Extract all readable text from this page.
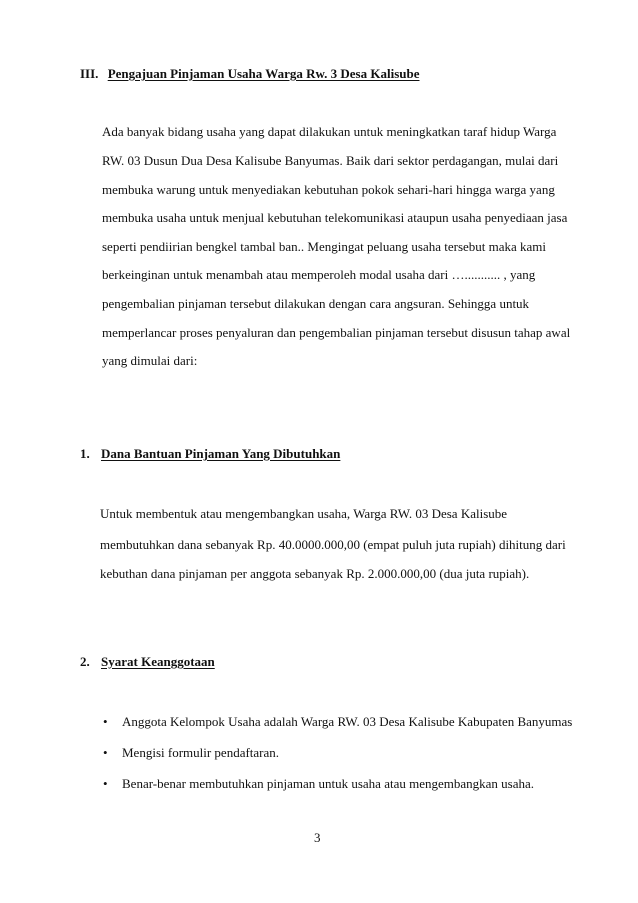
III. Pengajuan Pinjaman Usaha Warga Rw. 3 Desa Kalisube
Ada banyak bidang usaha yang dapat dilakukan untuk meningkatkan taraf hidup Warga
RW. 03 Dusun Dua Desa Kalisube Banyumas. Baik dari sektor perdagangan, mulai dari
membuka warung untuk menyediakan kebutuhan pokok sehari-hari hingga warga yang
membuka usaha untuk menjual kebutuhan telekomunikasi ataupun usaha penyediaan jasa
seperti pendiirian bengkel tambal ban.. Mengingat peluang usaha tersebut maka kami
berkeinginan untuk menambah atau memperoleh modal usaha dari …........... , yang
pengembalian pinjaman tersebut dilakukan dengan cara angsuran. Sehingga untuk
memperlancar proses penyaluran dan pengembalian pinjaman tersebut disusun tahap awal
yang dimulai dari:
1. Dana Bantuan Pinjaman Yang Dibutuhkan
Untuk membentuk atau mengembangkan usaha, Warga RW. 03 Desa Kalisube
membutuhkan dana sebanyak Rp. 40.0000.000,00 (empat puluh juta rupiah) dihitung dari
kebuthan dana pinjaman per anggota sebanyak Rp. 2.000.000,00 (dua juta rupiah).
2. Syarat Keanggotaan
• Anggota Kelompok Usaha adalah Warga RW. 03 Desa Kalisube Kabupaten Banyumas
• Mengisi formulir pendaftaran.
• Benar-benar membutuhkan pinjaman untuk usaha atau mengembangkan usaha.
3
